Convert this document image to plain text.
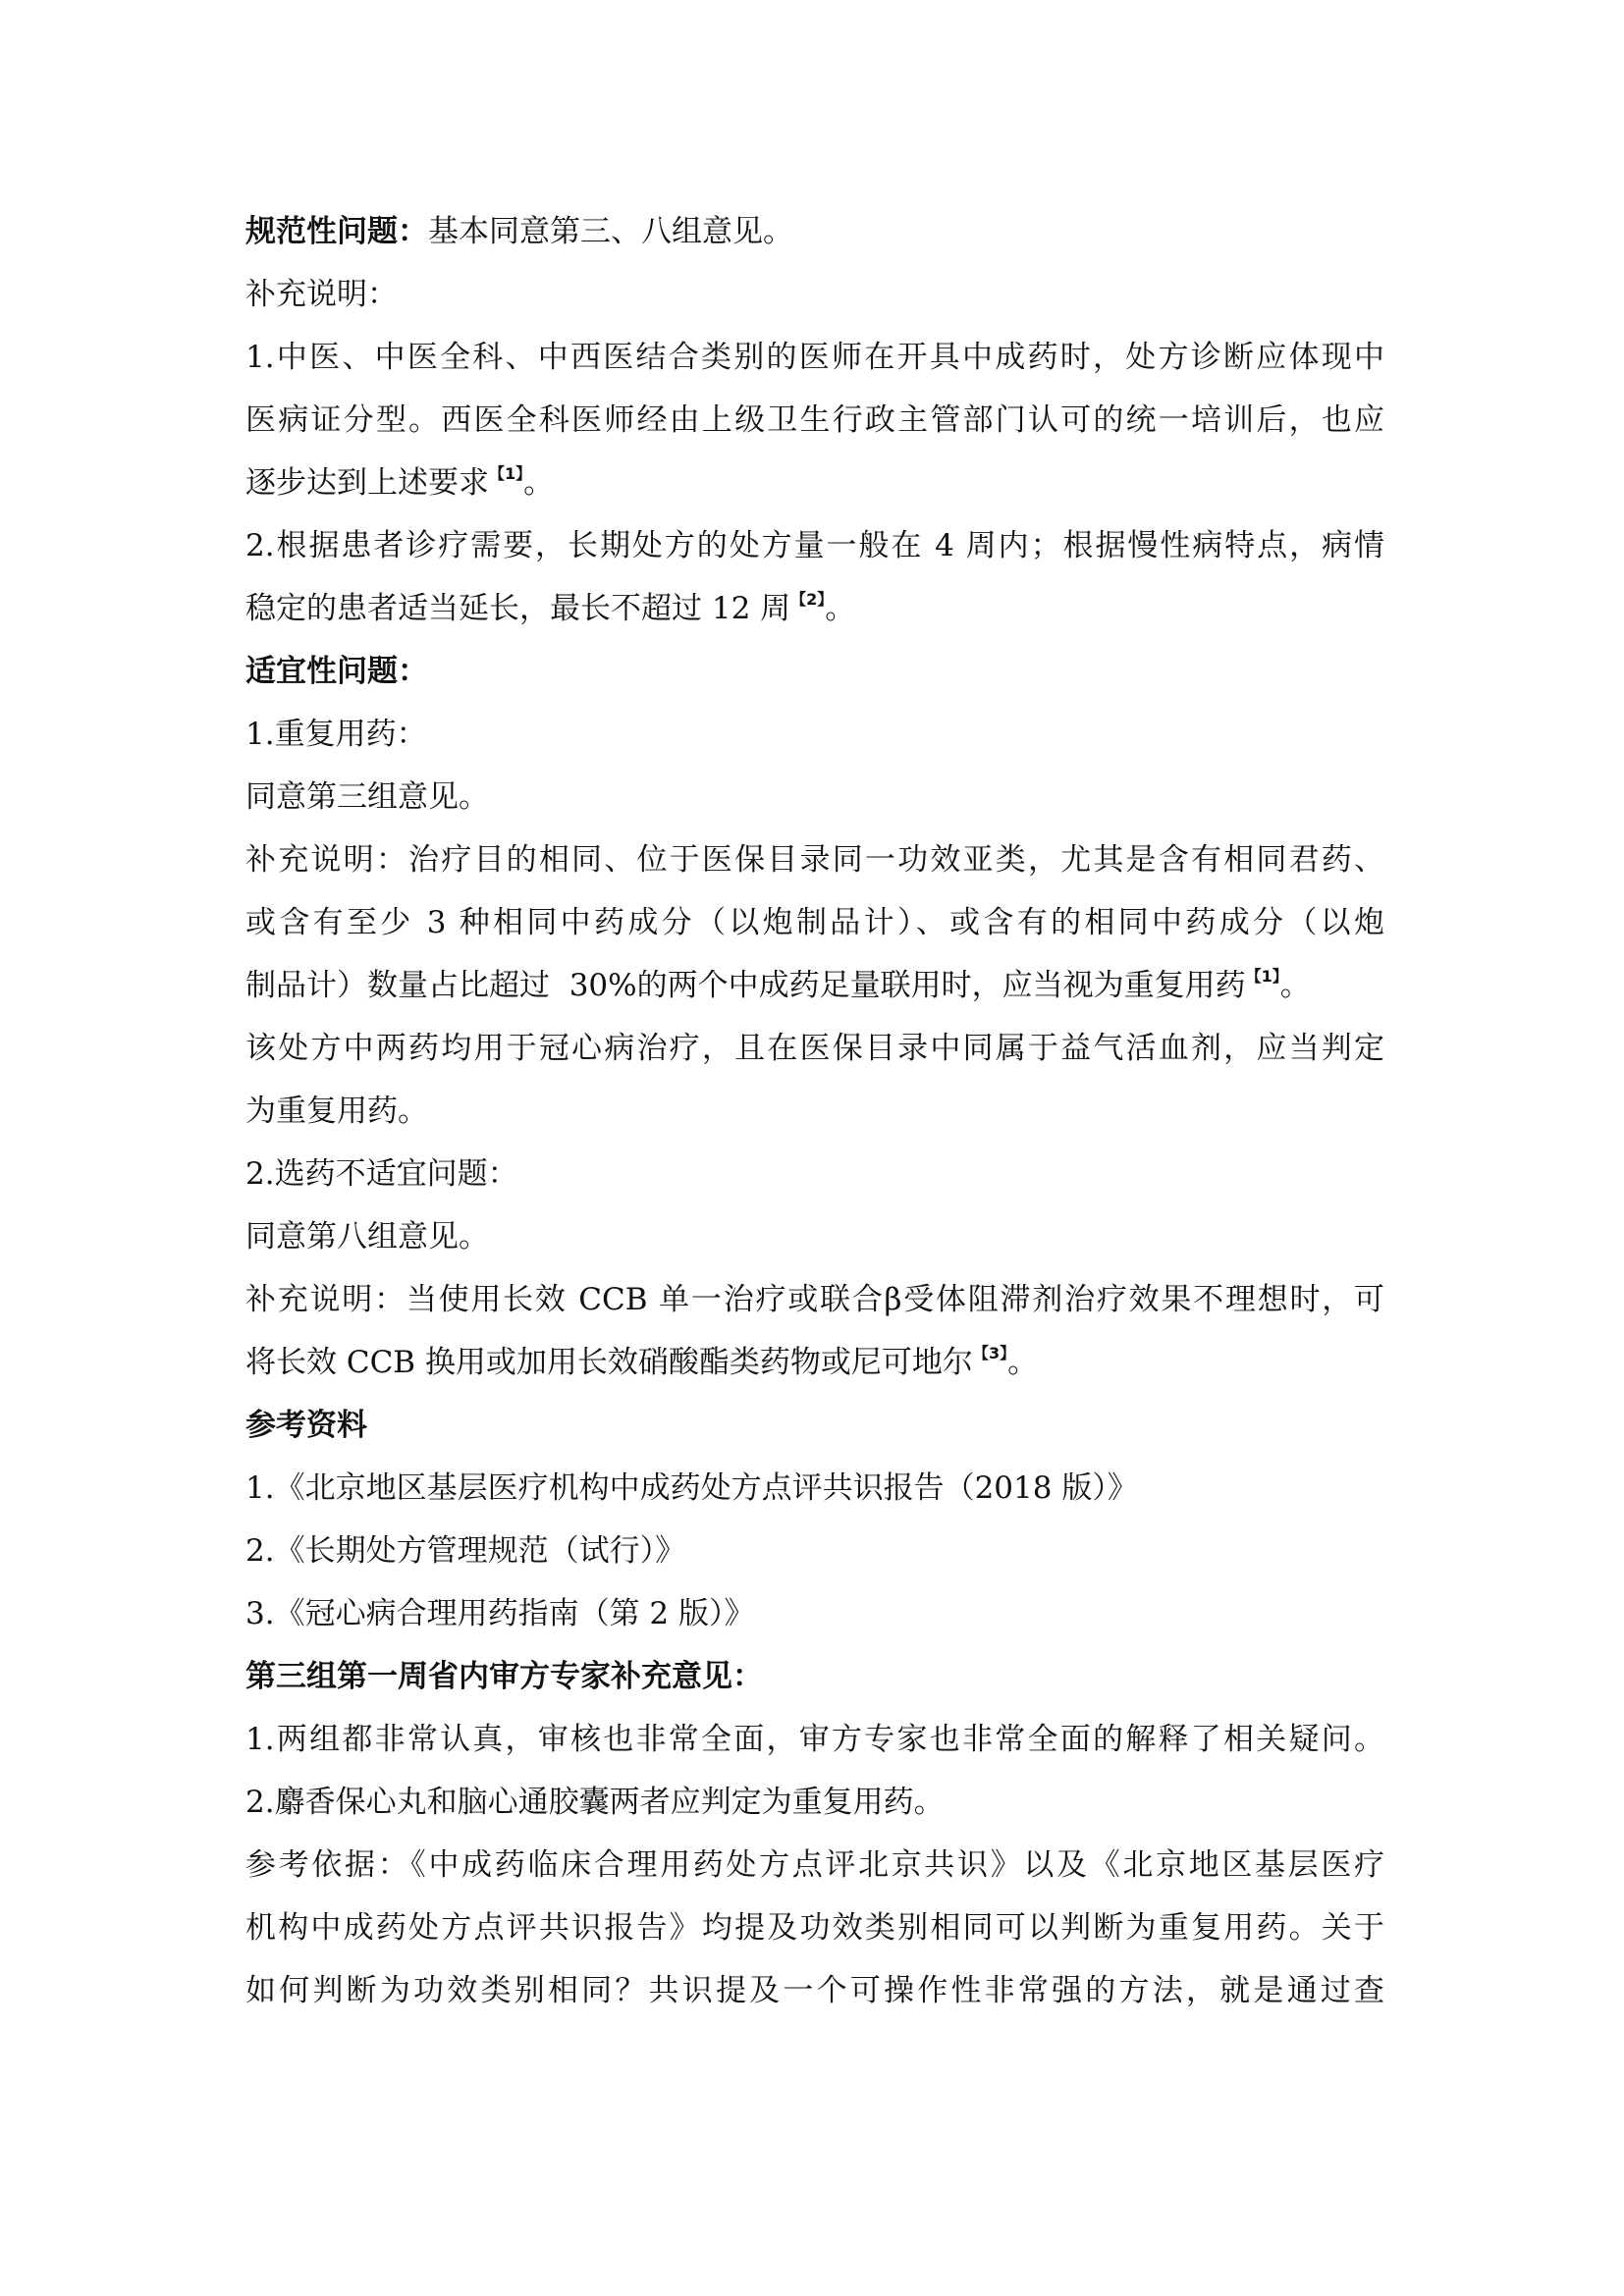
规范性问题：基本同意第三、八组意见。
补充说明：
1.中医、中医全科、中西医结合类别的医师在开具中成药时，处方诊断应体现中
医病证分型。西医全科医师经由上级卫生行政主管部门认可的统一培训后，也应
逐步达到上述要求$^{【1】}$。
2.根据患者诊疗需要，长期处方的处方量一般在 4 周内；根据慢性病特点，病情
稳定的患者适当延长，最长不超过 12 周$^{【2】}$。
适宜性问题：
1.重复用药：
同意第三组意见。
补充说明：治疗目的相同、位于医保目录同一功效亚类，尤其是含有相同君药、
或含有至少 3 种相同中药成分（以炮制品计）、或含有的相同中药成分（以炮
制品计）数量占比超过  30%的两个中成药足量联用时，应当视为重复用药$^{【1】}$。
该处方中两药均用于冠心病治疗，且在医保目录中同属于益气活血剂，应当判定
为重复用药。
2.选药不适宜问题：
同意第八组意见。
补充说明：当使用长效 CCB 单一治疗或联合β受体阻滞剂治疗效果不理想时，可
将长效 CCB 换用或加用长效硝酸酯类药物或尼可地尔$^{【3】}$。
参考资料
1.《北京地区基层医疗机构中成药处方点评共识报告（2018 版）》
2.《长期处方管理规范（试行）》
3.《冠心病合理用药指南（第 2 版）》
第三组第一周省内审方专家补充意见：
1.两组都非常认真，审核也非常全面，审方专家也非常全面的解释了相关疑问。
2.麝香保心丸和脑心通胶囊两者应判定为重复用药。
参考依据：《中成药临床合理用药处方点评北京共识》以及《北京地区基层医疗
机构中成药处方点评共识报告》均提及功效类别相同可以判断为重复用药。关于
如何判断为功效类别相同？共识提及一个可操作性非常强的方法，就是通过查
